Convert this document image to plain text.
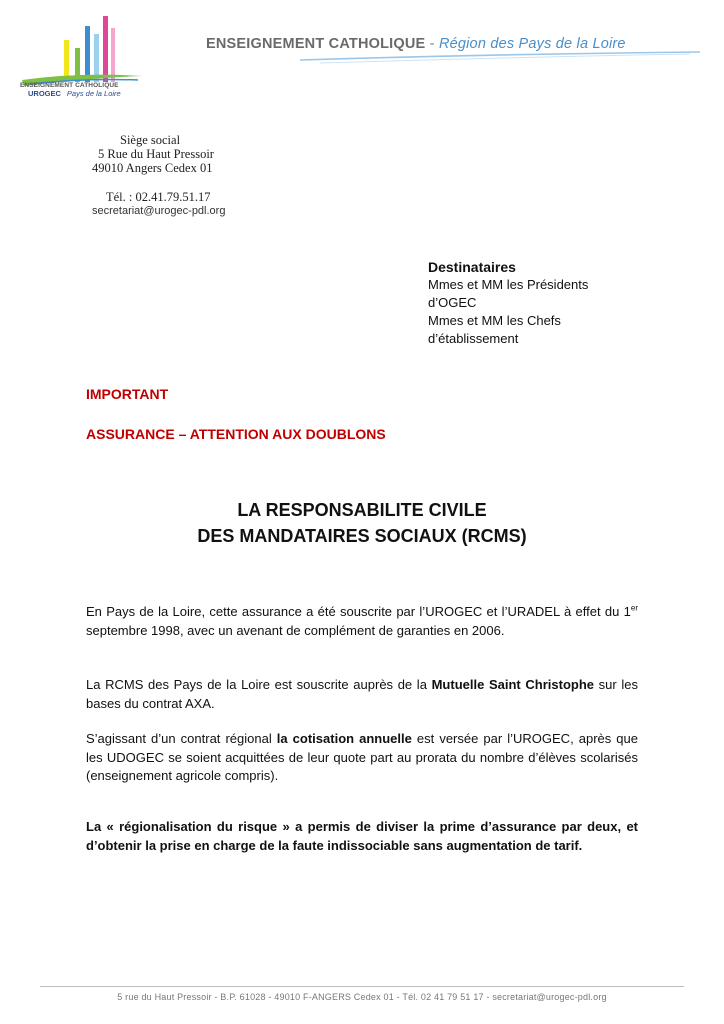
ENSEIGNEMENT CATHOLIQUE
UROGEC Pays de la Loire
ENSEIGNEMENT CATHOLIQUE - Région des Pays de la Loire
Siège social
5 Rue du Haut Pressoir
49010 Angers Cedex 01
Tél. : 02.41.79.51.17
secretariat@urogec-pdl.org
Destinataires
Mmes et MM les Présidents
d’OGEC
Mmes et MM les Chefs
d’établissement
IMPORTANT
ASSURANCE – ATTENTION AUX DOUBLONS
LA RESPONSABILITE CIVILE
DES MANDATAIRES SOCIAUX (RCMS)
En Pays de la Loire, cette assurance a été souscrite par l’UROGEC et l’URADEL à effet du 1er septembre 1998, avec un avenant de complément de garanties en 2006.
La RCMS des Pays de la Loire est souscrite auprès de la Mutuelle Saint Christophe sur les bases du contrat AXA.
S’agissant d’un contrat régional la cotisation annuelle est versée par l’UROGEC, après que les UDOGEC se soient acquittées de leur quote part au prorata du nombre d’élèves scolarisés (enseignement agricole compris).
La « régionalisation du risque » a permis de diviser la prime d’assurance par deux, et d’obtenir la prise en charge de la faute indissociable sans augmentation de tarif.
5 rue du Haut Pressoir - B.P. 61028 - 49010 F-ANGERS Cedex 01 - Tél. 02 41 79 51 17 - secretariat@urogec-pdl.org
